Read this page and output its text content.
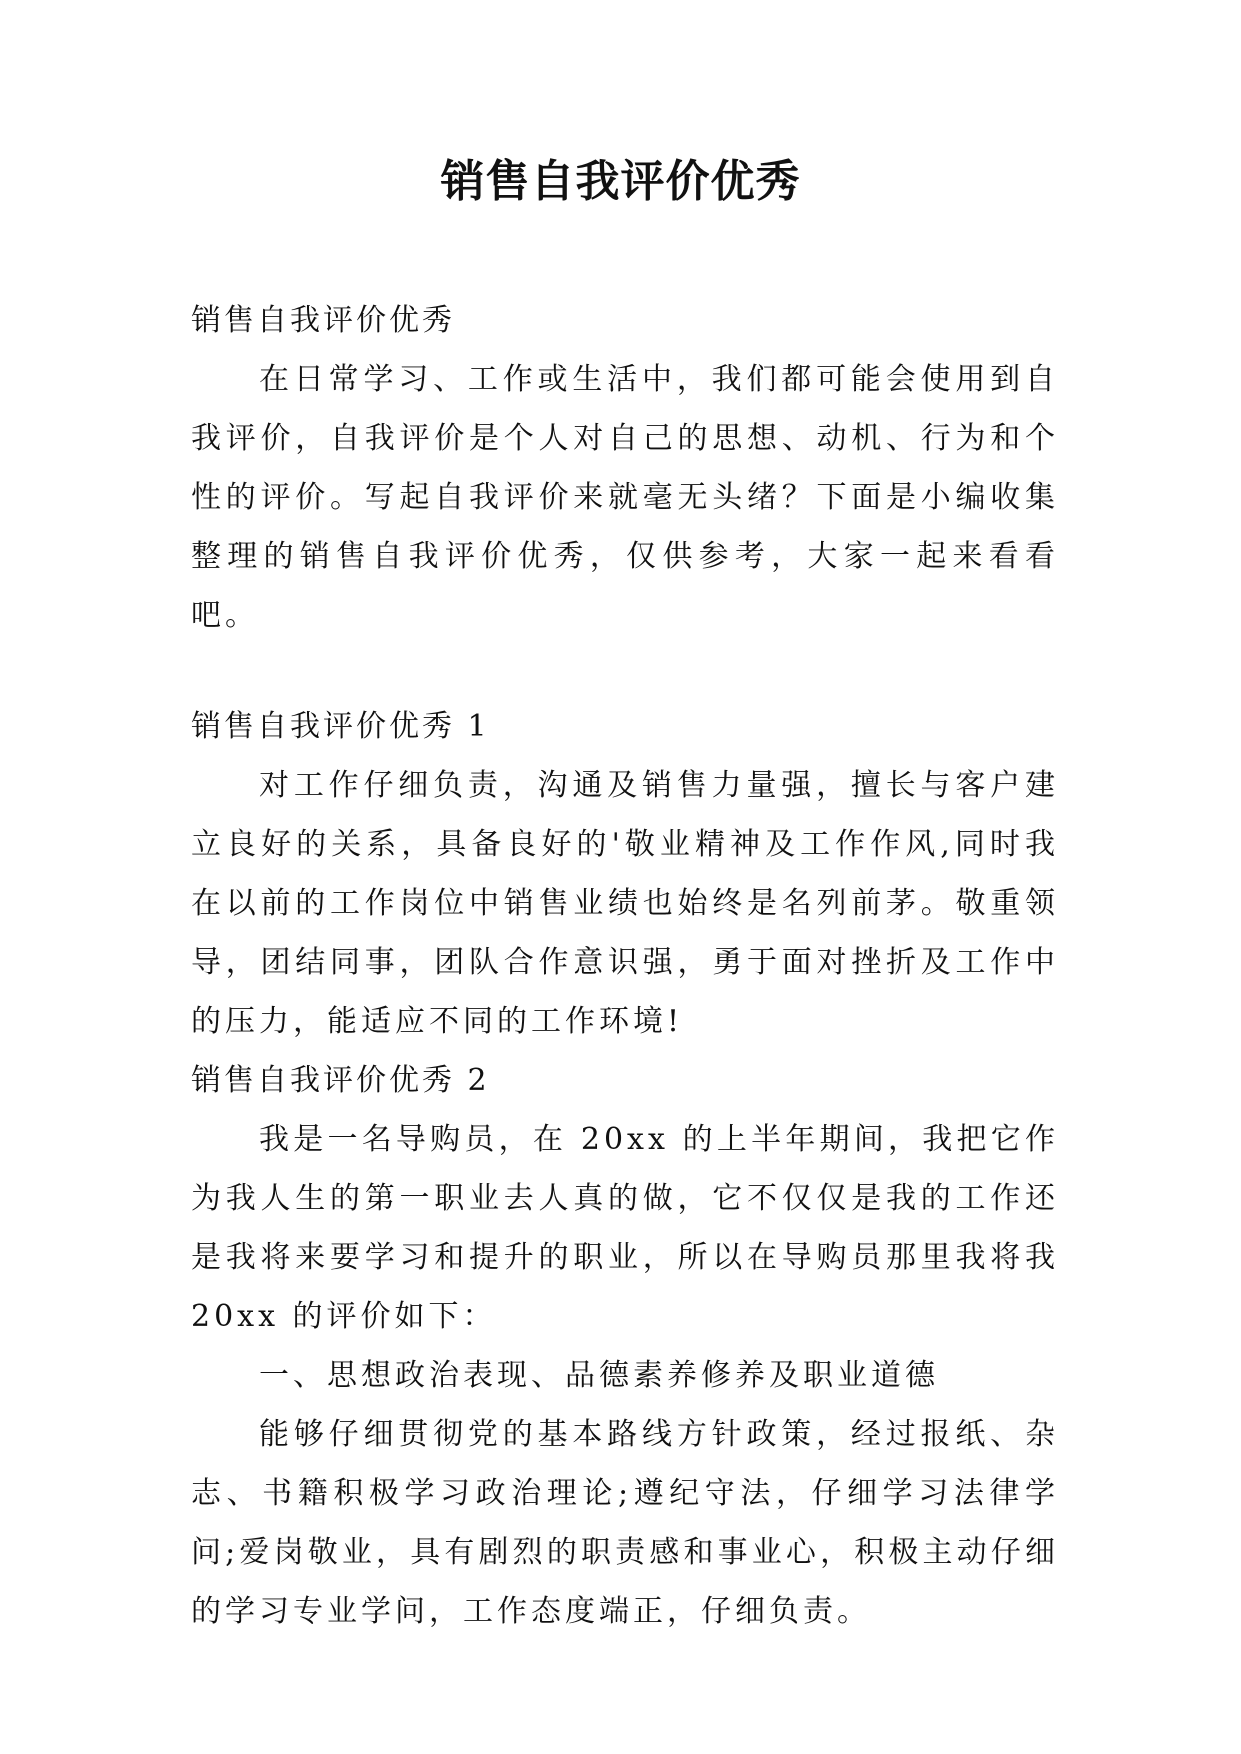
销售自我评价优秀

销售自我评价优秀

在日常学习、工作或生活中，我们都可能会使用到自我评价，自我评价是个人对自己的思想、动机、行为和个性的评价。写起自我评价来就毫无头绪？下面是小编收集整理的销售自我评价优秀，仅供参考，大家一起来看看吧。

销售自我评价优秀 1

对工作仔细负责，沟通及销售力量强，擅长与客户建立良好的关系，具备良好的'敬业精神及工作作风,同时我在以前的工作岗位中销售业绩也始终是名列前茅。敬重领导，团结同事，团队合作意识强，勇于面对挫折及工作中的压力，能适应不同的工作环境!

销售自我评价优秀 2

我是一名导购员，在 20xx 的上半年期间，我把它作为我人生的第一职业去人真的做，它不仅仅是我的工作还是我将来要学习和提升的职业，所以在导购员那里我将我 20xx 的评价如下：

一、思想政治表现、品德素养修养及职业道德

能够仔细贯彻党的基本路线方针政策，经过报纸、杂志、书籍积极学习政治理论;遵纪守法，仔细学习法律学问;爱岗敬业，具有剧烈的职责感和事业心，积极主动仔细的学习专业学问，工作态度端正，仔细负责。
